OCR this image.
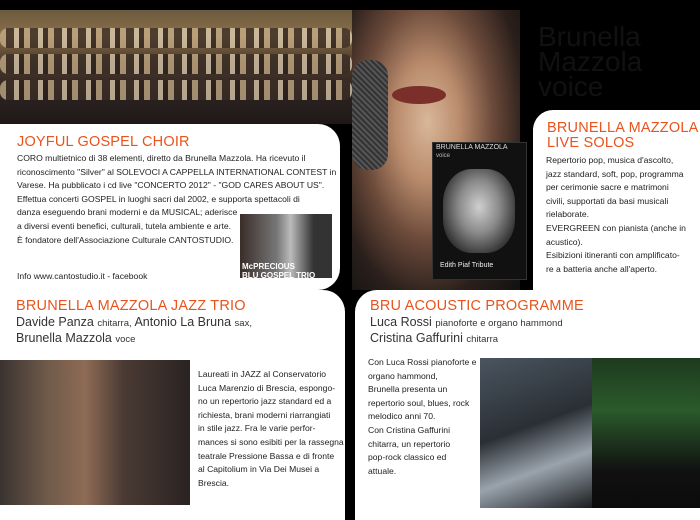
Brunella
Mazzola
voice
JOYFUL GOSPEL CHOIR
CORO multietnico di 38 elementi, diretto da Brunella Mazzola. Ha ricevuto il
riconoscimento "Silver" al SOLEVOCI A CAPPELLA INTERNATIONAL CONTEST in
Varese. Ha pubblicato i cd live "CONCERTO 2012" - "GOD CARES ABOUT US".
Effettua concerti GOSPEL in luoghi sacri dal 2002, e supporta spettacoli di
danza eseguendo brani moderni e da MUSICAL; aderisce
a diversi eventi benefici, culturali, tutela ambiente e arte.
È fondatore dell'Associazione Culturale CANTOSTUDIO.
Info www.cantostudio.it - facebook
McPRECIOUS
BLU GOSPEL TRIO
BRUNELLA MAZZOLA
voice
Edith Piaf Tribute
BRUNELLA MAZZOLA
LIVE SOLOS
Repertorio pop, musica d'ascolto,
jazz standard, soft, pop, programma
per cerimonie sacre e matrimoni
civili, supportati da basi musicali
rielaborate.
EVERGREEN con pianista (anche in
acustico).
Esibizioni itineranti con amplificato-
re a batteria anche all'aperto.
BRUNELLA MAZZOLA JAZZ TRIO
Davide Panza chitarra, Antonio La Bruna sax,
Brunella Mazzola voce
Laureati in JAZZ al Conservatorio
Luca Marenzio di Brescia, espongo-
no un repertorio jazz standard ed a
richiesta, brani moderni riarrangiati
in stile jazz. Fra le varie perfor-
mances si sono esibiti per la rassegna
teatrale Pressione Bassa e di fronte
al Capitolium in Via Dei Musei a
Brescia.
BRU ACOUSTIC PROGRAMME
Luca Rossi pianoforte e organo hammond
Cristina Gaffurini chitarra
Con Luca Rossi pianoforte e
organo hammond,
Brunella presenta un
repertorio soul, blues, rock
melodico anni 70.
Con Cristina Gaffurini
chitarra, un repertorio
pop-rock classico ed
attuale.
